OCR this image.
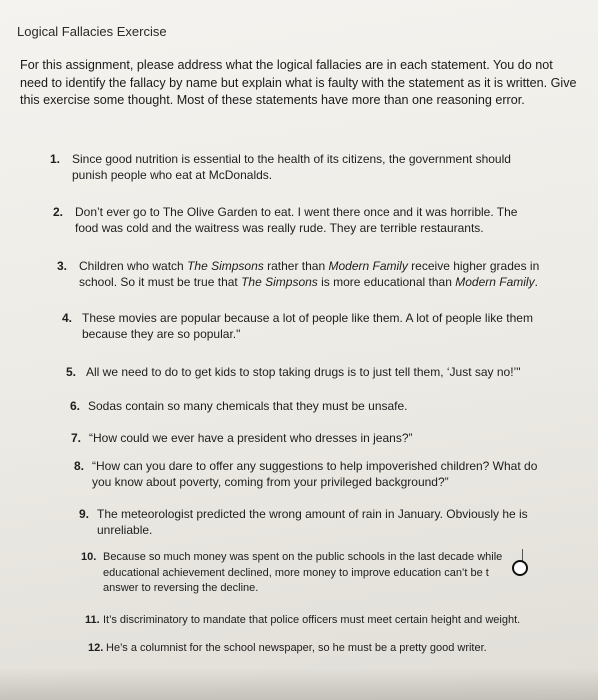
Logical Fallacies Exercise
For this assignment, please address what the logical fallacies are in each statement. You do not need to identify the fallacy by name but explain what is faulty with the statement as it is written. Give this exercise some thought. Most of these statements have more than one reasoning error.
1. Since good nutrition is essential to the health of its citizens, the government should
punish people who eat at McDonalds.
2. Don’t ever go to The Olive Garden to eat. I went there once and it was horrible. The
food was cold and the waitress was really rude. They are terrible restaurants.
3. Children who watch The Simpsons rather than Modern Family receive higher grades in
school. So it must be true that The Simpsons is more educational than Modern Family.
4. These movies are popular because a lot of people like them. A lot of people like them
because they are so popular."
5. All we need to do to get kids to stop taking drugs is to just tell them, ‘Just say no!’"
6. Sodas contain so many chemicals that they must be unsafe.
7. “How could we ever have a president who dresses in jeans?”
8. “How can you dare to offer any suggestions to help impoverished children? What do
you know about poverty, coming from your privileged background?”
9. The meteorologist predicted the wrong amount of rain in January. Obviously he is
unreliable.
10. Because so much money was spent on the public schools in the last decade while
educational achievement declined, more money to improve education can’t be t
answer to reversing the decline.
11. It’s discriminatory to mandate that police officers must meet certain height and weight.
12. He’s a columnist for the school newspaper, so he must be a pretty good writer.
